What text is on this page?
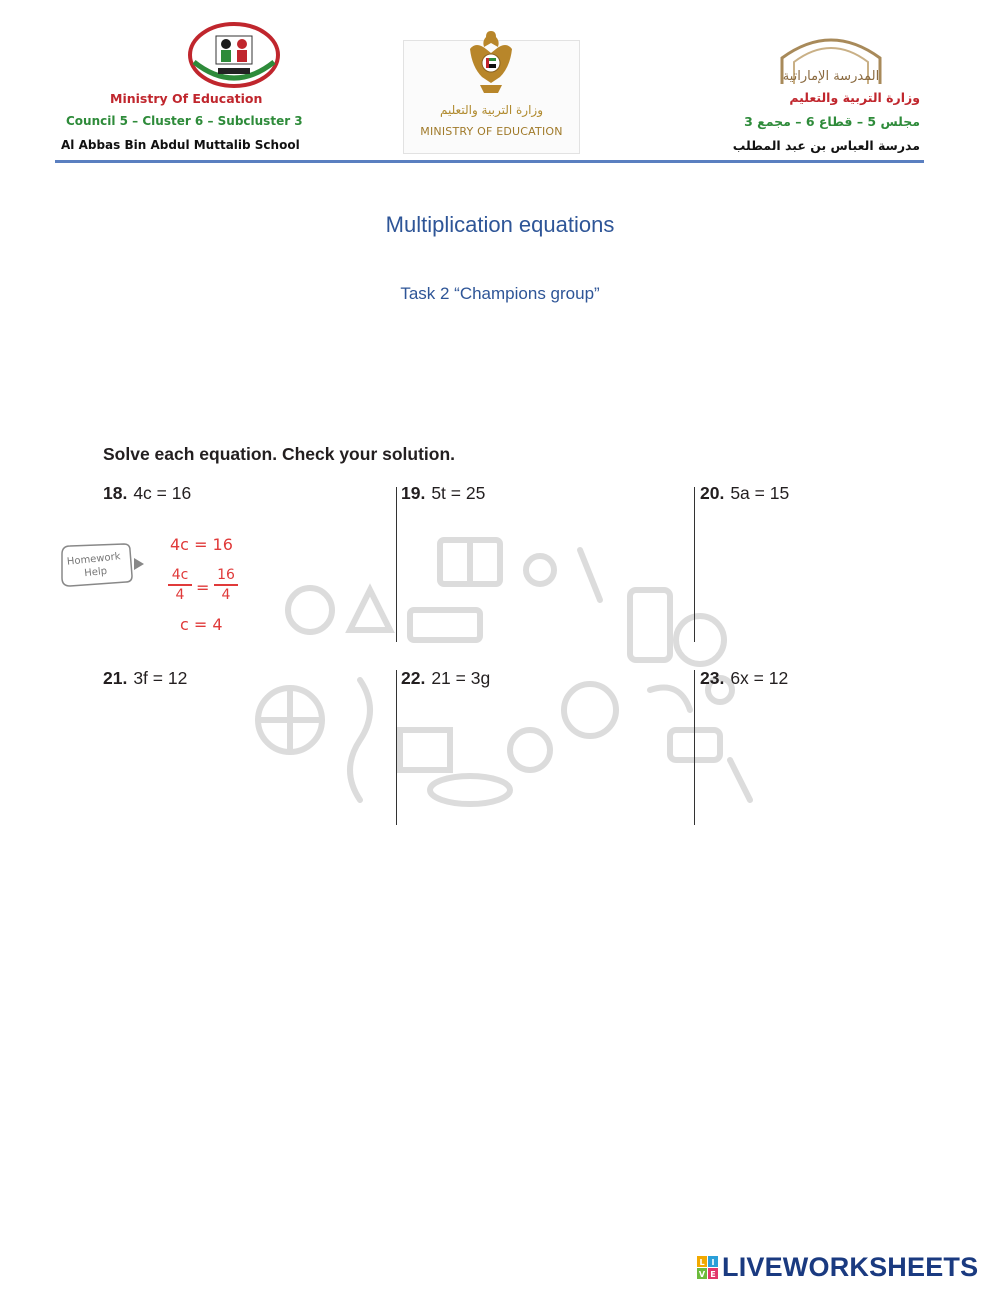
Ministry Of Education
Council 5 – Cluster 6 – Subcluster 3
Al Abbas Bin Abdul Muttalib School
وزارة التربية والتعليم
MINISTRY OF EDUCATION
المدرسة الإماراتية
وزارة التربية والتعليم
مجلس 5 – قطاع 6 – مجمع 3
مدرسة العباس بن عبد المطلب
Multiplication equations
Task 2 “Champions group”
Solve each equation. Check your solution.
18. 4c = 16	19. 5t = 25	20. 5a = 15
21. 3f = 12	22. 21 = 3g	23. 6x = 12
Homework
Help
4c = 16
4c
4 =
16
4
c = 4
L I
V E LIVEWORKSHEETS
